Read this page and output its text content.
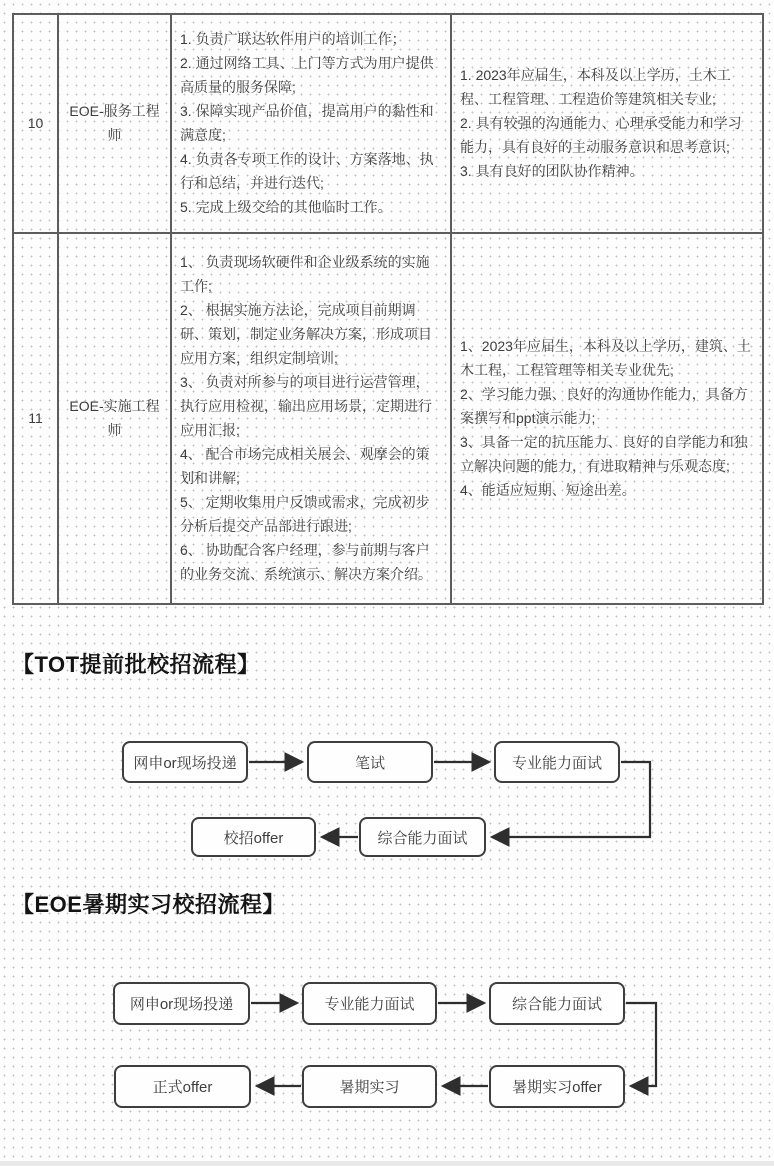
10	EOE-服务工程师	
1. 负责广联达软件用户的培训工作；
2. 通过网络工具、上门等方式为用户提供高质量的服务保障;
3. 保障实现产品价值，提高用户的黏性和满意度;
4. 负责各专项工作的设计、方案落地、执行和总结，并进行迭代;
5. 完成上级交给的其他临时工作。

1. 2023年应届生，本科及以上学历，土木工程、工程管理、工程造价等建筑相关专业;
2. 具有较强的沟通能力、心理承受能力和学习能力，具有良好的主动服务意识和思考意识;
3. 具有良好的团队协作精神。

11	EOE-实施工程师	
1、 负责现场软硬件和企业级系统的实施工作;
2、 根据实施方法论，完成项目前期调研、策划，制定业务解决方案，形成项目应用方案，组织定制培训;
3、 负责对所参与的项目进行运营管理，执行应用检视，输出应用场景，定期进行应用汇报;
4、 配合市场完成相关展会、观摩会的策划和讲解;
5、 定期收集用户反馈或需求，完成初步分析后提交产品部进行跟进;
6、 协助配合客户经理，参与前期与客户的业务交流、系统演示、解决方案介绍。

1、2023年应届生，本科及以上学历，建筑、土木工程，工程管理等相关专业优先;
2、学习能力强、良好的沟通协作能力，具备方案撰写和ppt演示能力;
3、具备一定的抗压能力、良好的自学能力和独立解决问题的能力，有进取精神与乐观态度;
4、能适应短期、短途出差。
【TOT提前批校招流程】
网申or现场投递	笔试	专业能力面试
综合能力面试
校招offer
【EOE暑期实习校招流程】
网申or现场投递	专业能力面试	综合能力面试
暑期实习offer
暑期实习
正式offer
